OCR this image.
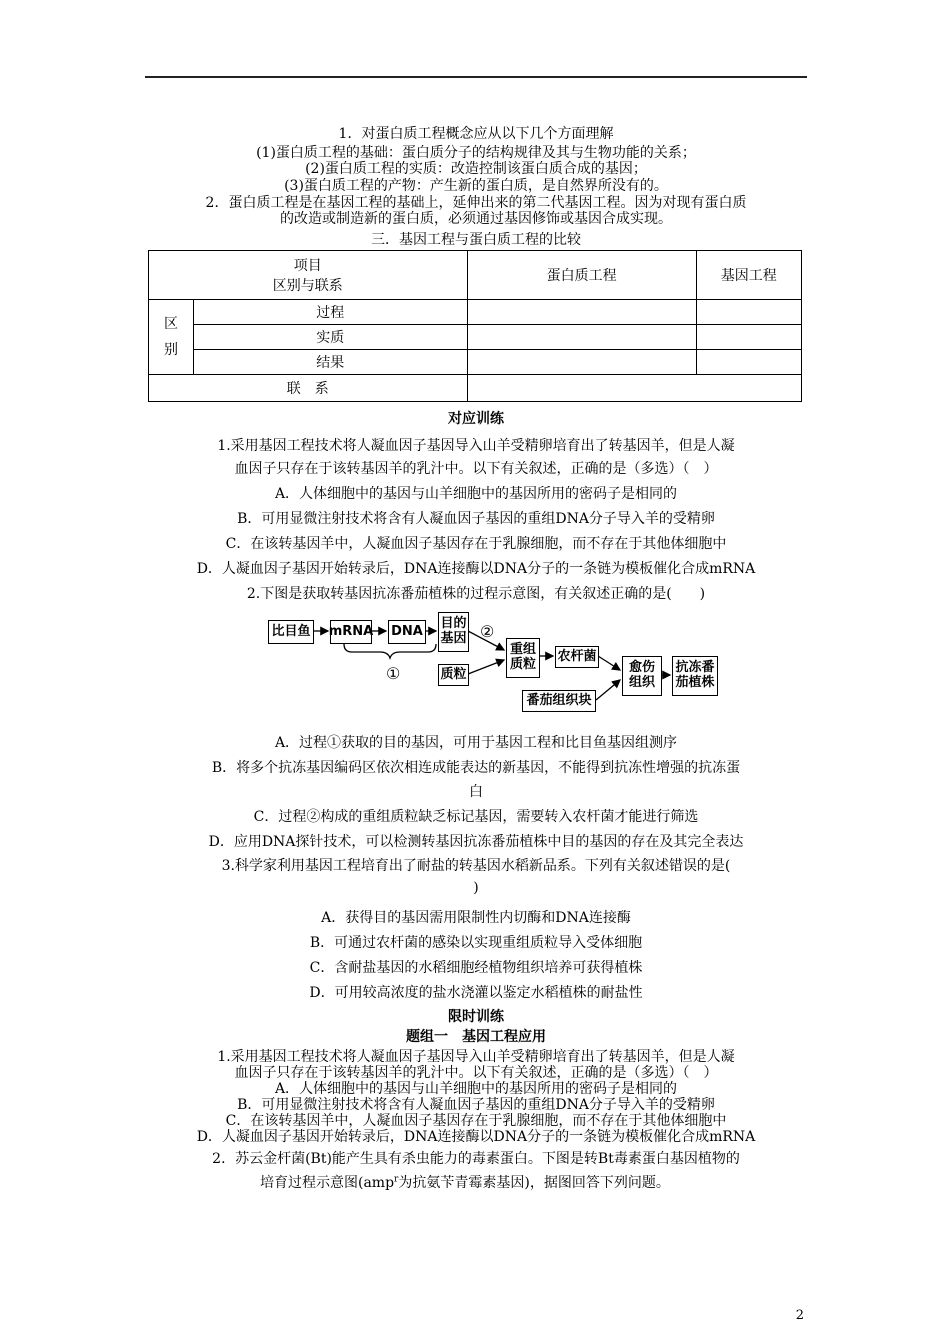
1．对蛋白质工程概念应从以下几个方面理解
(1)蛋白质工程的基础：蛋白质分子的结构规律及其与生物功能的关系；
(2)蛋白质工程的实质：改造控制该蛋白质合成的基因；
(3)蛋白质工程的产物：产生新的蛋白质，是自然界所没有的。
2．蛋白质工程是在基因工程的基础上，延伸出来的第二代基因工程。因为对现有蛋白质
的改造或制造新的蛋白质，必须通过基因修饰或基因合成实现。
三．基因工程与蛋白质工程的比较
项目
区别与联系		蛋白质工程	基因工程

区别	过程		
	实质		
	结果		
联　系			
对应训练
1.采用基因工程技术将人凝血因子基因导入山羊受精卵培育出了转基因羊，但是人凝
血因子只存在于该转基因羊的乳汁中。以下有关叙述，正确的是（多选）（　）
A．人体细胞中的基因与山羊细胞中的基因所用的密码子是相同的
B．可用显微注射技术将含有人凝血因子基因的重组DNA分子导入羊的受精卵
C．在该转基因羊中，人凝血因子基因存在于乳腺细胞，而不存在于其他体细胞中
D．人凝血因子基因开始转录后，DNA连接酶以DNA分子的一条链为模板催化合成mRNA
2.下图是获取转基因抗冻番茄植株的过程示意图，有关叙述正确的是(　　)
比目鱼 mRNA DNA 目的
基因
质粒
重组
质粒
农杆菌
番茄组织块
愈伤
组织
抗冻番
茄植株
①
②
A．过程①获取的目的基因，可用于基因工程和比目鱼基因组测序
B．将多个抗冻基因编码区依次相连成能表达的新基因，不能得到抗冻性增强的抗冻蛋
白
C．过程②构成的重组质粒缺乏标记基因，需要转入农杆菌才能进行筛选
D．应用DNA探针技术，可以检测转基因抗冻番茄植株中目的基因的存在及其完全表达
3.科学家利用基因工程培育出了耐盐的转基因水稻新品系。下列有关叙述错误的是(
)
A．获得目的基因需用限制性内切酶和DNA连接酶
B．可通过农杆菌的感染以实现重组质粒导入受体细胞
C．含耐盐基因的水稻细胞经植物组织培养可获得植株
D．可用较高浓度的盐水浇灌以鉴定水稻植株的耐盐性
限时训练
题组一　基因工程应用
1.采用基因工程技术将人凝血因子基因导入山羊受精卵培育出了转基因羊，但是人凝
血因子只存在于该转基因羊的乳汁中。以下有关叙述，正确的是（多选）（　）
A．人体细胞中的基因与山羊细胞中的基因所用的密码子是相同的
B．可用显微注射技术将含有人凝血因子基因的重组DNA分子导入羊的受精卵
C．在该转基因羊中，人凝血因子基因存在于乳腺细胞，而不存在于其他体细胞中
D．人凝血因子基因开始转录后，DNA连接酶以DNA分子的一条链为模板催化合成mRNA
2．苏云金杆菌(Bt)能产生具有杀虫能力的毒素蛋白。下图是转Bt毒素蛋白基因植物的
培育过程示意图(amp$^r$为抗氨苄青霉素基因)，据图回答下列问题。
2
